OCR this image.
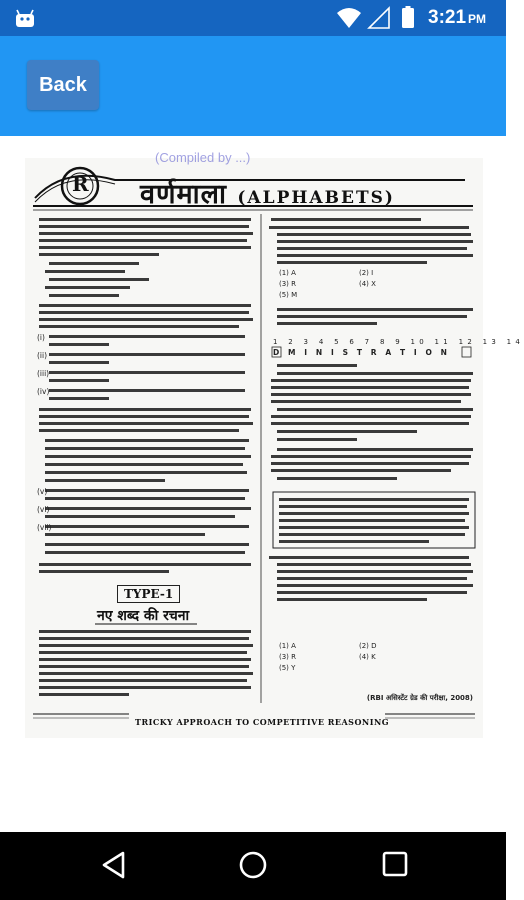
3:21 PM
Back
(Compiled by ...)
वर्णमाला (ALPHABETS)
R
(i)
(ii)
(iii)
(iv)
(v)
(vi)
(vii)
TYPE-1
नए शब्द की रचना
(1) A	(2) I
(3) R	(4) X
(5) M
1 2 3 4 5 6 7 8 9 10 11 12 13 14
D M I N I S T R A T I O N
(1) A	(2) D
(3) R	(4) K
(5) Y
(RBI असिस्टेंट ग्रेड की परीक्षा, 2008)
TRICKY APPROACH TO COMPETITIVE REASONING
